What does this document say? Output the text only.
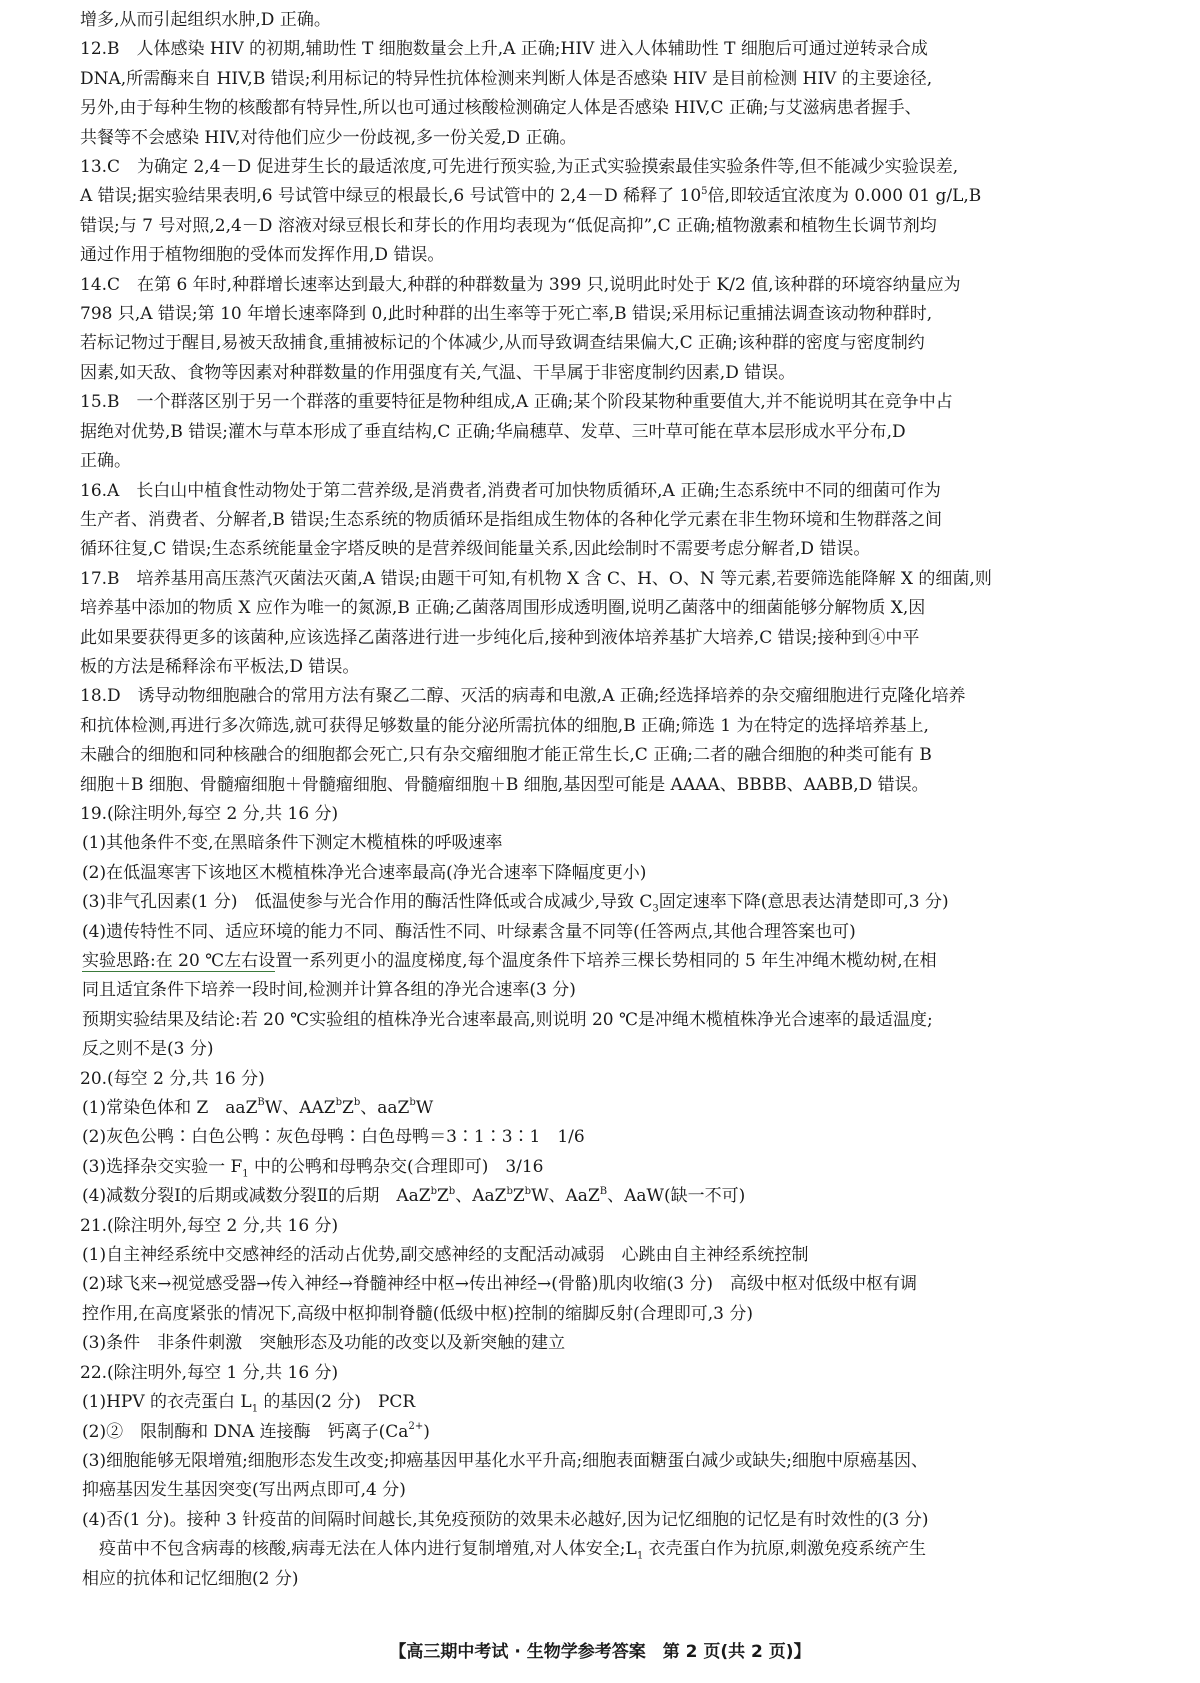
增多,从而引起组织水肿,D 正确。

12.B　人体感染 HIV 的初期,辅助性 T 细胞数量会上升,A 正确;HIV 进入人体辅助性 T 细胞后可通过逆转录合成

DNA,所需酶来自 HIV,B 错误;利用标记的特异性抗体检测来判断人体是否感染 HIV 是目前检测 HIV 的主要途径,

另外,由于每种生物的核酸都有特异性,所以也可通过核酸检测确定人体是否感染 HIV,C 正确;与艾滋病患者握手、

共餐等不会感染 HIV,对待他们应少一份歧视,多一份关爱,D 正确。

13.C　为确定 2,4－D 促进芽生长的最适浓度,可先进行预实验,为正式实验摸索最佳实验条件等,但不能减少实验误差,

A 错误;据实验结果表明,6 号试管中绿豆的根最长,6 号试管中的 2,4－D 稀释了 $10^5$倍,即较适宜浓度为 0.000 01 g/L,B

错误;与 7 号对照,2,4－D 溶液对绿豆根长和芽长的作用均表现为“低促高抑”,C 正确;植物激素和植物生长调节剂均

通过作用于植物细胞的受体而发挥作用,D 错误。

14.C　在第 6 年时,种群增长速率达到最大,种群的种群数量为 399 只,说明此时处于 K/2 值,该种群的环境容纳量应为

798 只,A 错误;第 10 年增长速率降到 0,此时种群的出生率等于死亡率,B 错误;采用标记重捕法调查该动物种群时,

若标记物过于醒目,易被天敌捕食,重捕被标记的个体减少,从而导致调查结果偏大,C 正确;该种群的密度与密度制约

因素,如天敌、食物等因素对种群数量的作用强度有关,气温、干旱属于非密度制约因素,D 错误。

15.B　一个群落区别于另一个群落的重要特征是物种组成,A 正确;某个阶段某物种重要值大,并不能说明其在竞争中占

据绝对优势,B 错误;灌木与草本形成了垂直结构,C 正确;华扁穗草、发草、三叶草可能在草本层形成水平分布,D

正确。

16.A　长白山中植食性动物处于第二营养级,是消费者,消费者可加快物质循环,A 正确;生态系统中不同的细菌可作为

生产者、消费者、分解者,B 错误;生态系统的物质循环是指组成生物体的各种化学元素在非生物环境和生物群落之间

循环往复,C 错误;生态系统能量金字塔反映的是营养级间能量关系,因此绘制时不需要考虑分解者,D 错误。

17.B　培养基用高压蒸汽灭菌法灭菌,A 错误;由题干可知,有机物 X 含 C、H、O、N 等元素,若要筛选能降解 X 的细菌,则

培养基中添加的物质 X 应作为唯一的氮源,B 正确;乙菌落周围形成透明圈,说明乙菌落中的细菌能够分解物质 X,因

此如果要获得更多的该菌种,应该选择乙菌落进行进一步纯化后,接种到液体培养基扩大培养,C 错误;接种到④中平

板的方法是稀释涂布平板法,D 错误。

18.D　诱导动物细胞融合的常用方法有聚乙二醇、灭活的病毒和电激,A 正确;经选择培养的杂交瘤细胞进行克隆化培养

和抗体检测,再进行多次筛选,就可获得足够数量的能分泌所需抗体的细胞,B 正确;筛选 1 为在特定的选择培养基上,

未融合的细胞和同种核融合的细胞都会死亡,只有杂交瘤细胞才能正常生长,C 正确;二者的融合细胞的种类可能有 B

细胞＋B 细胞、骨髓瘤细胞＋骨髓瘤细胞、骨髓瘤细胞＋B 细胞,基因型可能是 AAAA、BBBB、AABB,D 错误。

19.(除注明外,每空 2 分,共 16 分)

(1)其他条件不变,在黑暗条件下测定木榄植株的呼吸速率

(2)在低温寒害下该地区木榄植株净光合速率最高(净光合速率下降幅度更小)

(3)非气孔因素(1 分)　低温使参与光合作用的酶活性降低或合成减少,导致 $C_3$固定速率下降(意思表达清楚即可,3 分)

(4)遗传特性不同、适应环境的能力不同、酶活性不同、叶绿素含量不同等(任答两点,其他合理答案也可)

实验思路:在 20 ℃左右设置一系列更小的温度梯度,每个温度条件下培养三棵长势相同的 5 年生冲绳木榄幼树,在相

同且适宜条件下培养一段时间,检测并计算各组的净光合速率(3 分)

预期实验结果及结论:若 20 ℃实验组的植株净光合速率最高,则说明 20 ℃是冲绳木榄植株净光合速率的最适温度;

反之则不是(3 分)

20.(每空 2 分,共 16 分)

(1)常染色体和 Z　aaZ$^B$W、$AAZ^bZ^b$、aaZ$^b$W

(2)灰色公鸭∶白色公鸭∶灰色母鸭∶白色母鸭＝3∶1∶3∶1　1/6

(3)选择杂交实验一 $F_1$ 中的公鸭和母鸭杂交(合理即可)　3/16

(4)减数分裂Ⅰ的后期或减数分裂Ⅱ的后期　$AaZ^bZ^b$、$AaZ^bZ^bW$、AaZ$^B$、AaW(缺一不可)

21.(除注明外,每空 2 分,共 16 分)

(1)自主神经系统中交感神经的活动占优势,副交感神经的支配活动减弱　心跳由自主神经系统控制

(2)球飞来→视觉感受器→传入神经→脊髓神经中枢→传出神经→(骨骼)肌肉收缩(3 分)　高级中枢对低级中枢有调

控作用,在高度紧张的情况下,高级中枢抑制脊髓(低级中枢)控制的缩脚反射(合理即可,3 分)

(3)条件　非条件刺激　突触形态及功能的改变以及新突触的建立

22.(除注明外,每空 1 分,共 16 分)

(1)HPV 的衣壳蛋白 $L_1$ 的基因(2 分)　PCR

(2)②　限制酶和 DNA 连接酶　钙离子$(Ca^{2+})$

(3)细胞能够无限增殖;细胞形态发生改变;抑癌基因甲基化水平升高;细胞表面糖蛋白减少或缺失;细胞中原癌基因、

抑癌基因发生基因突变(写出两点即可,4 分)

(4)否(1 分)。接种 3 针疫苗的间隔时间越长,其免疫预防的效果未必越好,因为记忆细胞的记忆是有时效性的(3 分)

　疫苗中不包含病毒的核酸,病毒无法在人体内进行复制增殖,对人体安全$;L_1$ 衣壳蛋白作为抗原,刺激免疫系统产生

相应的抗体和记忆细胞(2 分)

【高三期中考试 · 生物学参考答案　第 2 页(共 2 页)】
